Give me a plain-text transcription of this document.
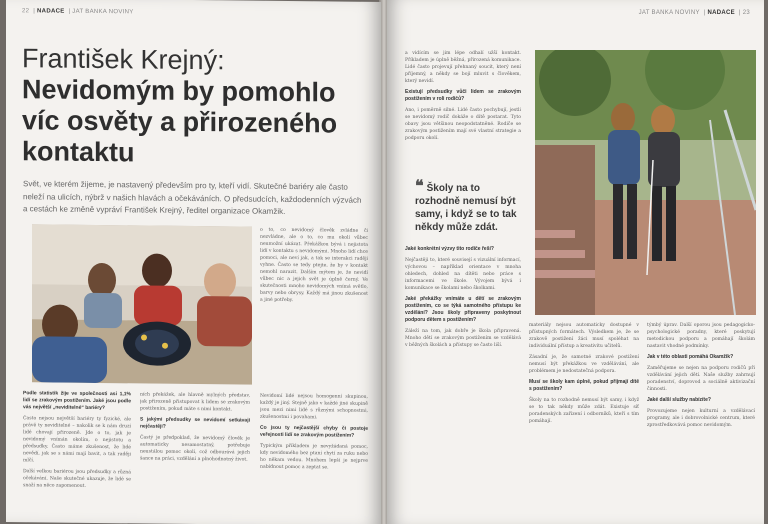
22  | NADACE  | JAT BANKA NOVINY
František Krejný:
Nevidomým by pomohlo víc osvěty a přirozeného kontaktu
Svět, ve kterém žijeme, je nastavený především pro ty, kteří vidí. Skutečné bariéry ale často neleží na ulicích, nýbrž v našich hlavách a očekáváních. O předsudcích, každodenních výzvách a cestách ke změně vypráví František Krejný, ředitel organizace Okamžik.

o to, co nevidomý člověk zvládne či nezvládne, ale o to, co mu okolí vůbec neumožní ukázat. Překážkou bývá i nejistota lidí v kontaktu s nevidomými. Mnoho lidí chce pomoci, ale neví jak, a tak se interakci raději vyhne. Často se tedy ptejte, že by v kontakt nemohl narazit. Dalším mýtem je, že nevidí vůbec nic a jejich svět je úplně černý. Ve skutečnosti mnoho nevidomých vnímá světlo, barvy nebo obrysy. Každý má jinou zkušenost a jiné potřeby.

Podle statistik žije ve společnosti asi 1,1% lidí se zrakovým postižením. Jaké jsou podle vás největší „neviditelné“ bariéry?

Často nejsou největší bariéry ty fyzické, ale právě ty neviditelné – nakolik se k nám druzí lidé chovají přirozeně. Jde o to, jak je nevidomý vnímán okolím, o nejistotu a předsudky. Často máme zkušenost, že lidé nevědí, jak se s námi mají bavit, a tak raději mlčí.

Další velkou bariérou jsou předsudky a různá očekávání. Naše skutečné ukazuje, že lidé se snaží na něco zapomenout.

ních překážek, ale hlavně mylných představ, jak přirozeně přistupovat k lidem se zrakovým postižením, pokud máte s nimi kontakt.

S jakými předsudky se nevidomí setkávají nejčastěji?

Častý je předpoklad, že nevidomý člověk je automaticky nesamostatný, potřebuje neustálou pomoc okolí, což odbourává jejich šance na práci, vzdělání a plnohodnotný život.

Nevidomí lidé nejsou homogenní skupinou, každý je jiný. Stejně jako v každé jiné skupině jsou mezi nimi lidé s různými schopnostmi, zkušenostmi i povahami.

Co jsou ty nejčastější chyby či postoje veřejnosti lidí se zrakovým postižením?

Typickým příkladem je nevyžádaná pomoc, kdy nevidomého bez ptaní chytí za ruku nebo ho někam vedou. Mnohem lepší je nejprve nabídnout pomoc a zeptat se.

JAT BANKA NOVINY  | NADACE  | 23

a vidícím se jim lépe odhalí užší kontakt. Příkladem je úplně běžná, přirozená komunikace. Lidé často projevují přehnaný soucit, který není příjemný, a někdy se bojí mluvit s člověkem, který nevidí.

Existují předsudky vůči lidem se zrakovým postižením v roli rodičů?

Ano, i poměrně silné. Lidé často pochybují, jestli se nevidomý rodič dokáže o dítě postarat. Tyto obavy jsou většinou neopodstatněné. Rodiče se zrakovým postižením mají své vlastní strategie a podporu okolí.

❝ Školy na to rozhodně nemusí být samy, i když se to tak někdy může zdát.

Jaké konkrétní výzvy tito rodiče řeší?

Nejčastěji to, které souvisejí s vizuální informací, výchovou – například orientace v mnoha ohledech, dohled na dítěti nebo práce s informacemi ve škole. Vývojem bývá i komunikace se školami nebo školkami.

Jaké překážky vnímáte u dětí se zrakovým postižením, co se týká samotného přístupu ke vzdělání? Jsou školy připraveny poskytnout podporu dětem s postižením?

Záleží na tom, jak dobře je škola připravená. Mnoho dětí se zrakovým postižením se vzdělává v běžných školách a přístupy se často liší.

materiály nejsou automaticky dostupné v přístupných formátech. Výsledkem je, že se zrakově postižení žáci musí spoléhat na individuální přístup a kreativitu učitelů.

Zásadní je, že samotné zrakové postižení nemusí být překážkou ve vzdělávání, ale problémem je nedostatečná podpora.

Musí se školy kam úplně, pokud přijmají dítě s postižením?

Školy na to rozhodně nemusí být samy, i když se to tak někdy může zdát. Existuje síť poradenských zařízení i odborníků, kteří s tím pomáhají.

týmbý úprav. Další oporou jsou pedagogicko-psychologické poradny, které poskytují metodickou podporu a pomáhají školám nastavit vhodné podmínky.

Jak v této oblasti pomáhá Okamžik?

Zaměřujeme se nejen na podporu rodičů při vzdělávání jejich dětí. Naše služby zahrnují poradenství, doprovod a sociálně aktivizační činnosti.

Jaké další služby nabízíte?

Provozujeme nejen kulturní a vzdělávací programy, ale i dobrovolnické centrum, které zprostředkovává pomoc nevidomým.
